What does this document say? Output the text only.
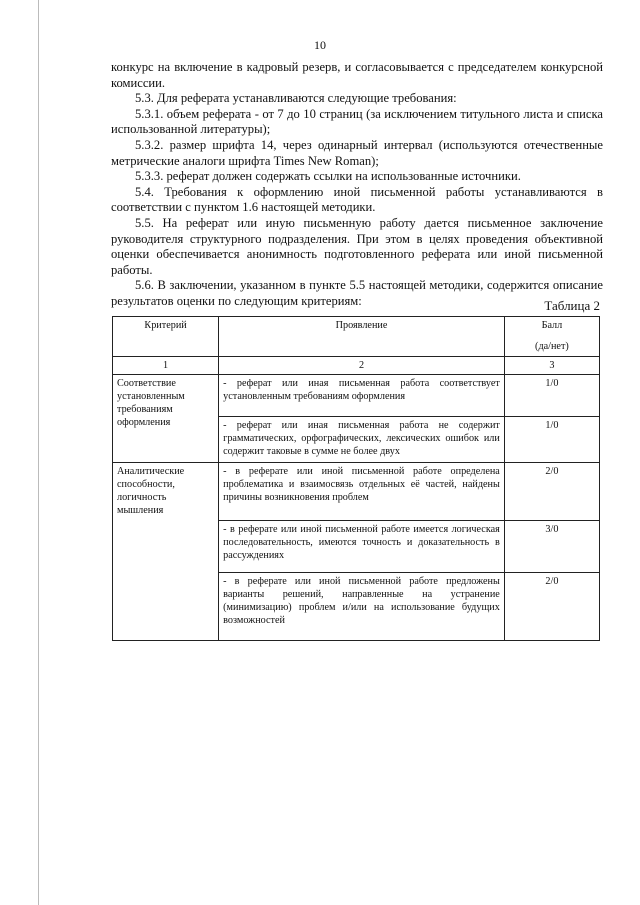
10

конкурс на включение в кадровый резерв, и согласовывается с председателем конкурсной комиссии.

5.3. Для реферата устанавливаются следующие требования:

5.3.1. объем реферата - от 7 до 10 страниц (за исключением титульного листа и списка использованной литературы);

5.3.2. размер шрифта 14, через одинарный интервал (используются отечественные метрические аналоги шрифта Times New Roman);

5.3.3. реферат должен содержать ссылки на использованные источники.

5.4. Требования к оформлению иной письменной работы устанавливаются в соответствии с пунктом 1.6 настоящей методики.

5.5. На реферат или иную письменную работу дается письменное заключение руководителя структурного подразделения. При этом в целях проведения объективной оценки обеспечивается анонимность подготовленного реферата или иной письменной работы.

5.6. В заключении, указанном в пункте 5.5 настоящей методики, содержится описание результатов оценки по следующим критериям:	Таблица 2
Критерий	Проявление	Балл
(да/нет)

1	2	3
Соответствие установленным требованиям оформления	- реферат или иная письменная работа соответствует установленным требованиям оформления	1/0
	- реферат или иная письменная работа не содержит грамматических, орфографических, лексических ошибок или содержит таковые в сумме не более двух	1/0
Аналитические способности, логичность мышления	- в реферате или иной письменной работе определена проблематика и взаимосвязь отдельных её частей, найдены причины возникновения проблем	2/0
	- в реферате или иной письменной работе имеется логическая последовательность, имеются точность и доказательность в рассуждениях	3/0
	- в реферате или иной письменной работе предложены варианты решений, направленные на устранение (минимизацию) проблем и/или на использование будущих возможностей	2/0
